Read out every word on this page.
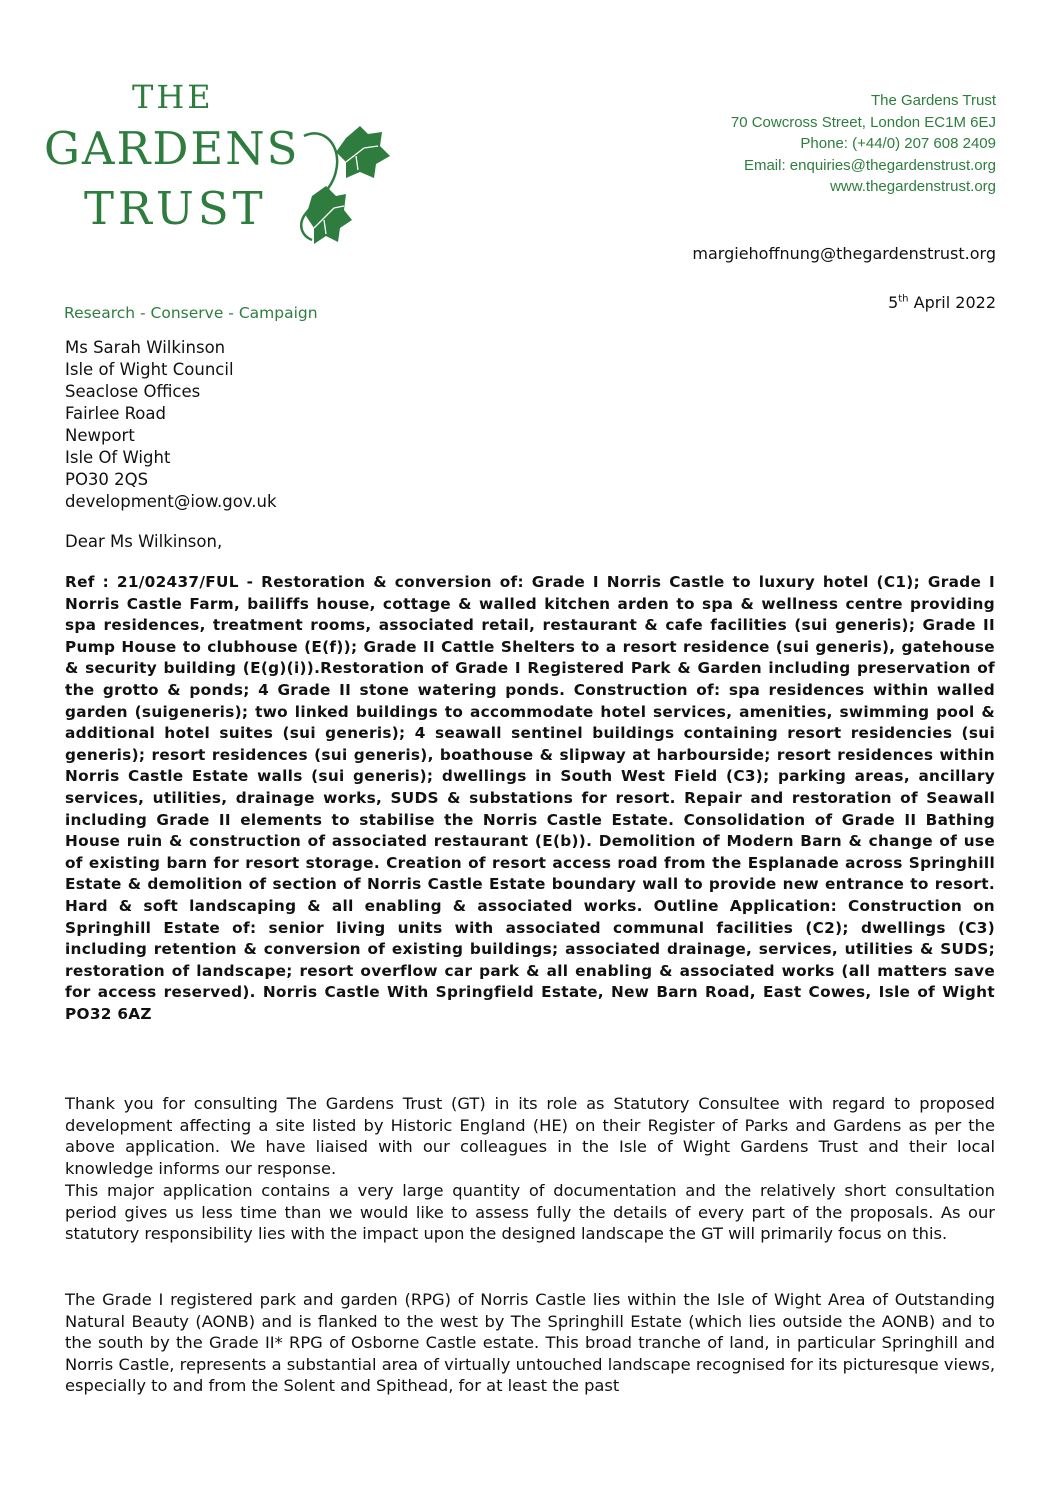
THE
GARDENS
TRUST
Research - Conserve - Campaign
The Gardens Trust
70 Cowcross Street, London EC1M 6EJ
Phone: (+44/0) 207 608 2409
Email: enquiries@thegardenstrust.org
www.thegardenstrust.org
margiehoffnung@thegardenstrust.org
5th April 2022
Ms Sarah Wilkinson
Isle of Wight Council
Seaclose Offices
Fairlee Road
Newport
Isle Of Wight
PO30 2QS
development@iow.gov.uk
Dear Ms Wilkinson,
Ref : 21/02437/FUL - Restoration & conversion of: Grade I Norris Castle to luxury hotel (C1); Grade I Norris Castle Farm, bailiffs house, cottage & walled kitchen arden to spa & wellness centre providing spa residences, treatment rooms, associated retail, restaurant & cafe facilities (sui generis); Grade II Pump House to clubhouse (E(f)); Grade II Cattle Shelters to a resort residence (sui generis), gatehouse & security building (E(g)(i)).Restoration of Grade I Registered Park & Garden including preservation of the grotto & ponds; 4 Grade II stone watering ponds. Construction of: spa residences within walled garden (suigeneris); two linked buildings to accommodate hotel services, amenities, swimming pool & additional hotel suites (sui generis); 4 seawall sentinel buildings containing resort residencies (sui generis); resort residences (sui generis), boathouse & slipway at harbourside; resort residences within Norris Castle Estate walls (sui generis); dwellings in South West Field (C3); parking areas, ancillary services, utilities, drainage works, SUDS & substations for resort. Repair and restoration of Seawall including Grade II elements to stabilise the Norris Castle Estate. Consolidation of Grade II Bathing House ruin & construction of associated restaurant (E(b)). Demolition of Modern Barn & change of use of existing barn for resort storage. Creation of resort access road from the Esplanade across Springhill Estate & demolition of section of Norris Castle Estate boundary wall to provide new entrance to resort. Hard & soft landscaping & all enabling & associated works. Outline Application: Construction on Springhill Estate of: senior living units with associated communal facilities (C2); dwellings (C3) including retention & conversion of existing buildings; associated drainage, services, utilities & SUDS; restoration of landscape; resort overflow car park & all enabling & associated works (all matters save for access reserved). Norris Castle With Springfield Estate, New Barn Road, East Cowes, Isle of Wight PO32 6AZ
Thank you for consulting The Gardens Trust (GT) in its role as Statutory Consultee with regard to proposed development affecting a site listed by Historic England (HE) on their Register of Parks and Gardens as per the above application. We have liaised with our colleagues in the Isle of Wight Gardens Trust and their local knowledge informs our response.
This major application contains a very large quantity of documentation and the relatively short consultation period gives us less time than we would like to assess fully the details of every part of the proposals. As our statutory responsibility lies with the impact upon the designed landscape the GT will primarily focus on this.
The Grade I registered park and garden (RPG) of Norris Castle lies within the Isle of Wight Area of Outstanding Natural Beauty (AONB) and is flanked to the west by The Springhill Estate (which lies outside the AONB) and to the south by the Grade II* RPG of Osborne Castle estate. This broad tranche of land, in particular Springhill and Norris Castle, represents a substantial area of virtually untouched landscape recognised for its picturesque views, especially to and from the Solent and Spithead, for at least the past
